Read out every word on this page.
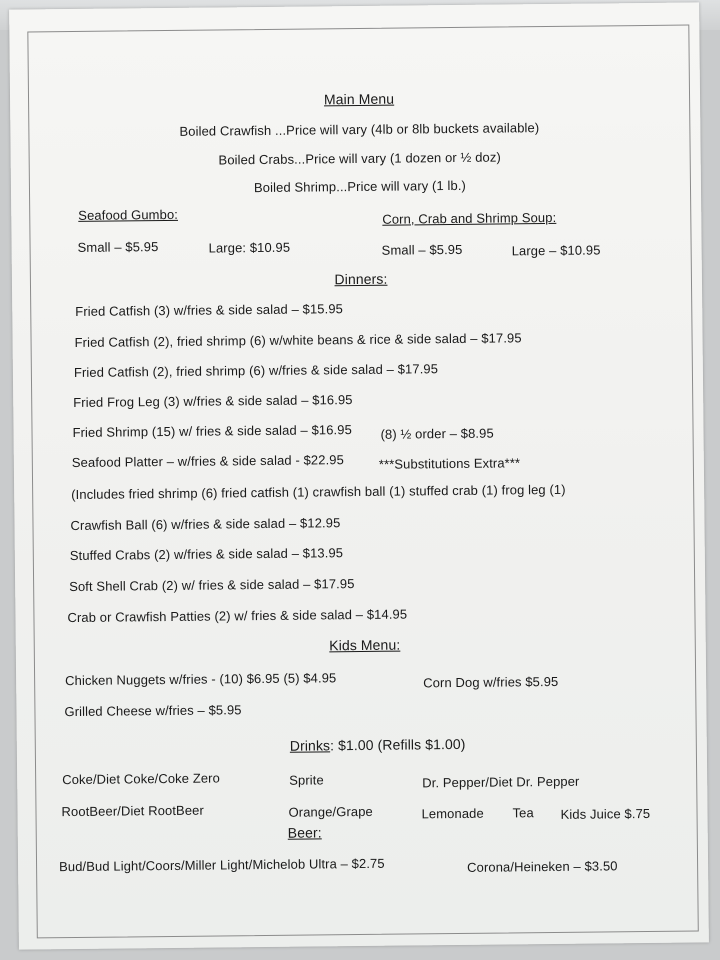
Main Menu
Boiled Crawfish ...Price will vary (4lb or 8lb buckets available)
Boiled Crabs...Price will vary (1 dozen or ½ doz)
Boiled Shrimp...Price will vary (1 lb.)
Seafood Gumbo:	Corn, Crab and Shrimp Soup:
Small – $5.95	Large: $10.95	Small – $5.95	Large – $10.95
Dinners:
Fried Catfish (3) w/fries & side salad – $15.95
Fried Catfish (2), fried shrimp (6) w/white beans & rice & side salad – $17.95
Fried Catfish (2), fried shrimp (6) w/fries & side salad – $17.95
Fried Frog Leg (3) w/fries & side salad – $16.95
Fried Shrimp (15) w/ fries & side salad – $16.95 (8) ½ order – $8.95
Seafood Platter – w/fries & side salad - $22.95	***Substitutions Extra***
(Includes fried shrimp (6) fried catfish (1) crawfish ball (1) stuffed crab (1) frog leg (1)
Crawfish Ball (6) w/fries & side salad – $12.95
Stuffed Crabs (2) w/fries & side salad – $13.95
Soft Shell Crab (2) w/ fries & side salad – $17.95
Crab or Crawfish Patties (2) w/ fries & side salad – $14.95
Kids Menu:
Chicken Nuggets w/fries - (10) $6.95 (5) $4.95	Corn Dog w/fries $5.95
Grilled Cheese w/fries – $5.95
Drinks: $1.00 (Refills $1.00)
Coke/Diet Coke/Coke Zero	Sprite	Dr. Pepper/Diet Dr. Pepper
RootBeer/Diet RootBeer	Orange/Grape	Lemonade Tea Kids Juice $.75
Beer:
Bud/Bud Light/Coors/Miller Light/Michelob Ultra – $2.75	Corona/Heineken – $3.50
